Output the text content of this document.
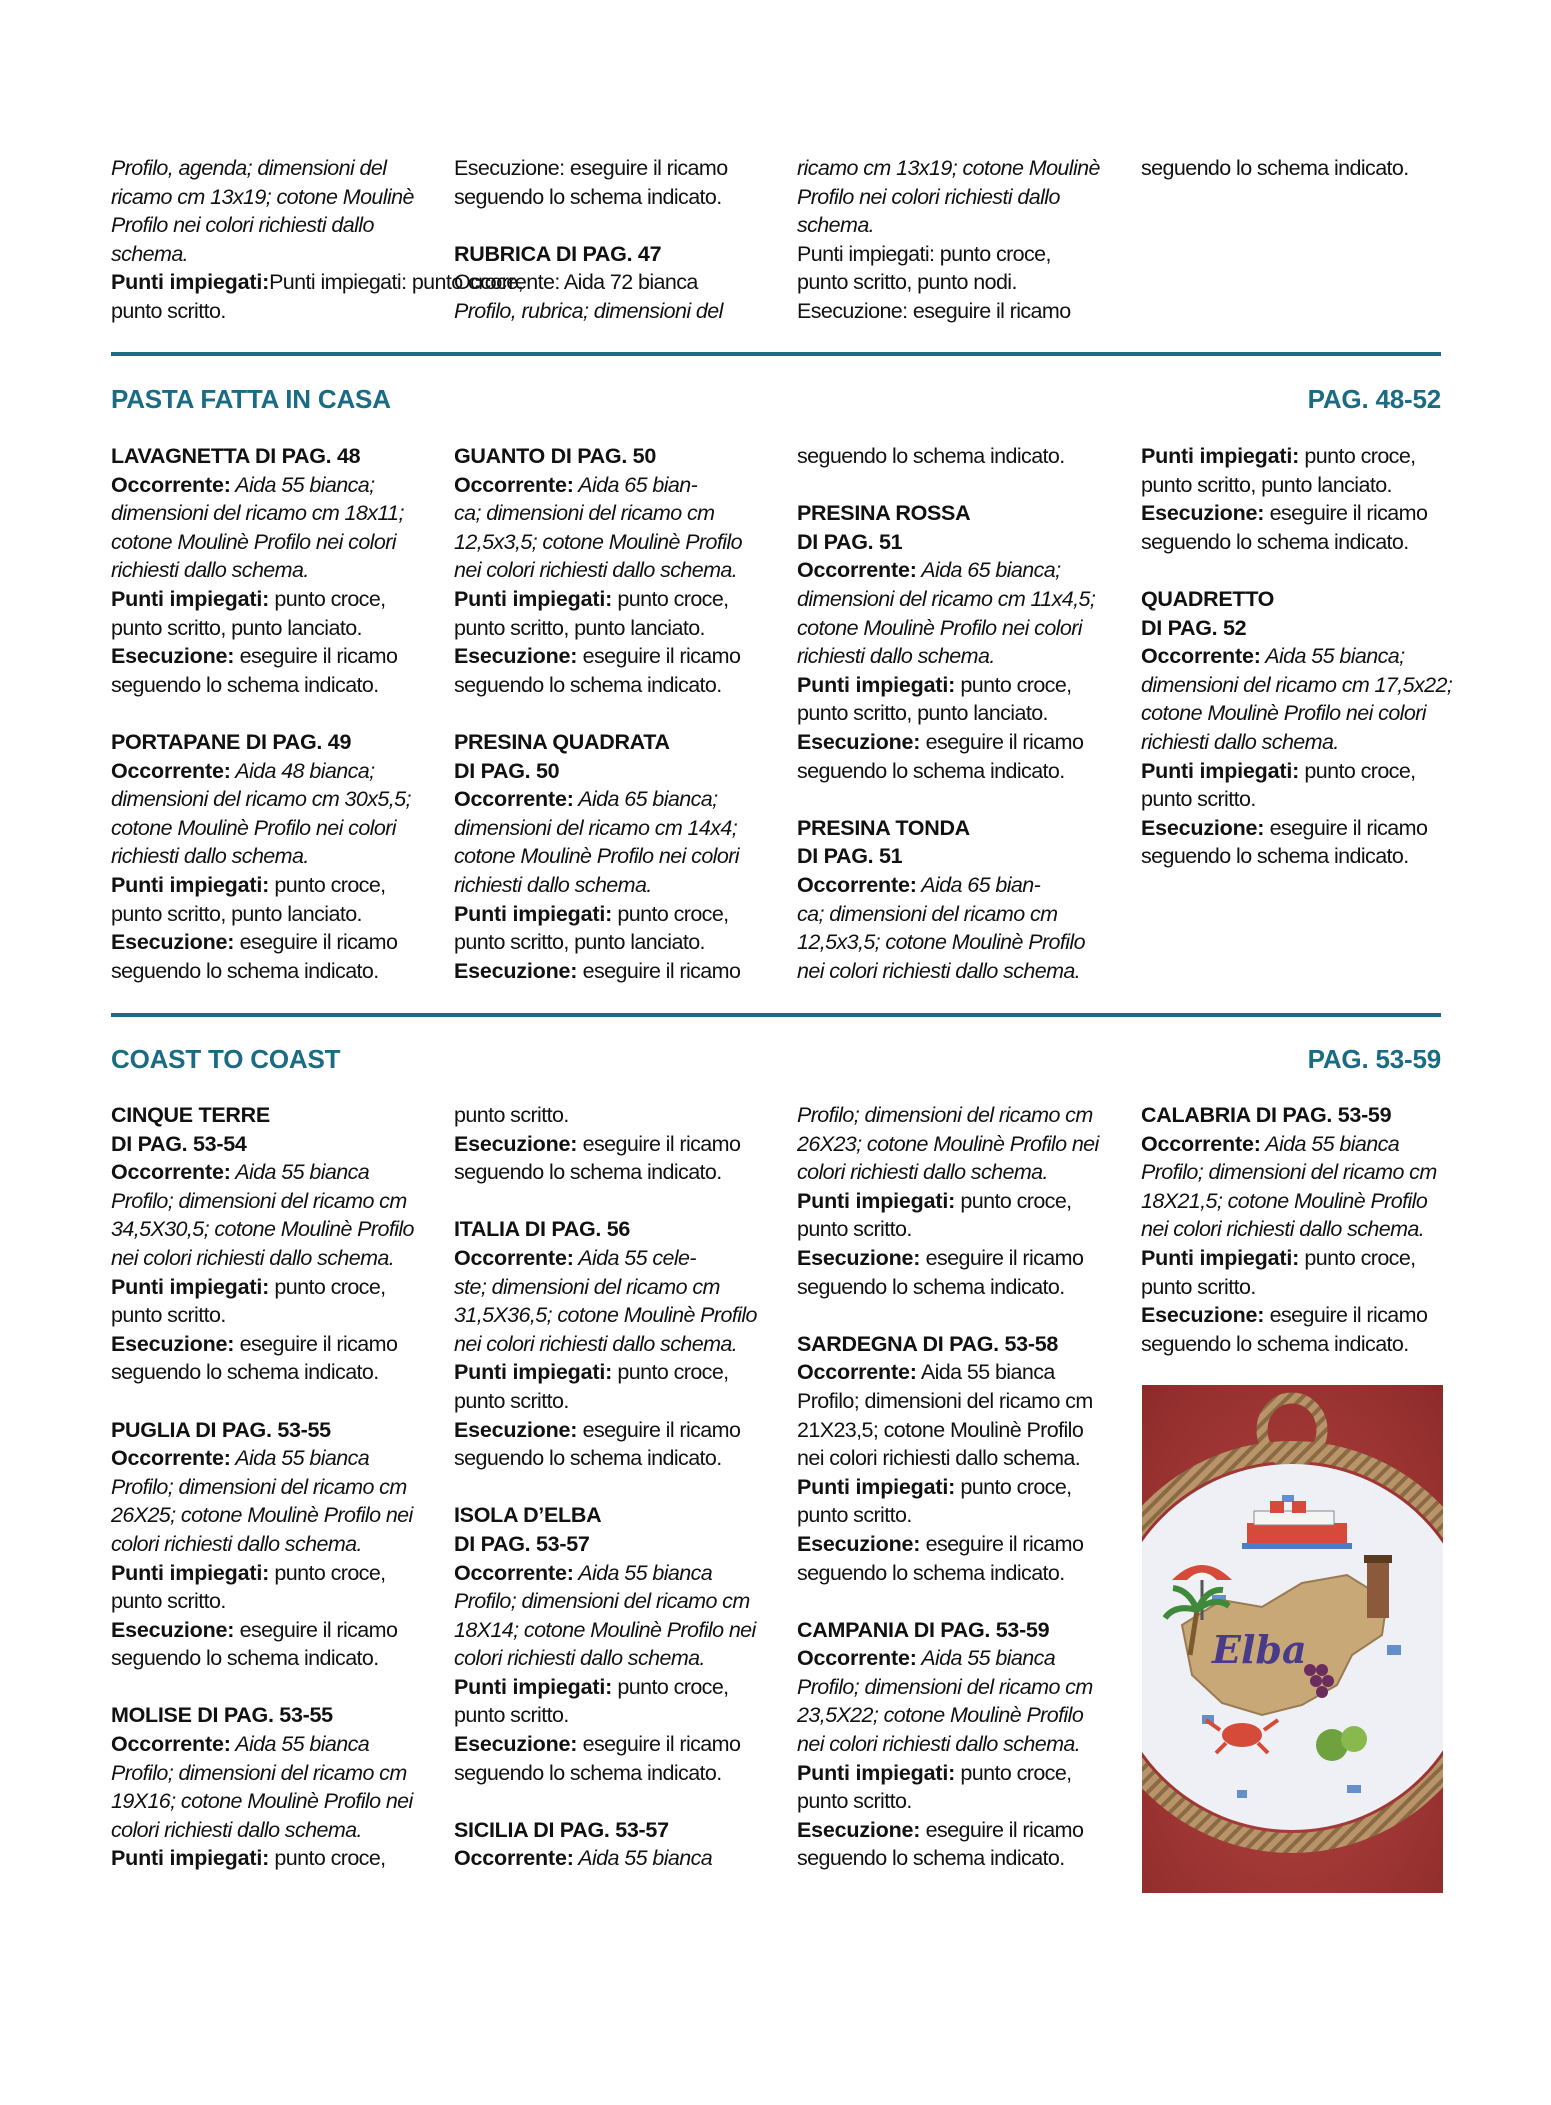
Profilo, agenda; dimensioni del
ricamo cm 13x19; cotone Moulinè
Profilo nei colori richiesti dallo
schema.
Punti impiegati:Punti impiegati: punto croce,
punto scritto.
Esecuzione: eseguire il ricamo
seguendo lo schema indicato.
RUBRICA DI PAG. 47
Occorrente: Aida 72 bianca
Profilo, rubrica; dimensioni del
ricamo cm 13x19; cotone Moulinè
Profilo nei colori richiesti dallo
schema.
Punti impiegati: punto croce,
punto scritto, punto nodi.
Esecuzione: eseguire il ricamo
seguendo lo schema indicato.
PASTA FATTA IN CASA	PAG. 48-52
LAVAGNETTA DI PAG. 48
Occorrente: Aida 55 bianca;
dimensioni del ricamo cm 18x11;
cotone Moulinè Profilo nei colori
richiesti dallo schema.
Punti impiegati: punto croce,
punto scritto, punto lanciato.
Esecuzione: eseguire il ricamo
seguendo lo schema indicato.
PORTAPANE DI PAG. 49
Occorrente: Aida 48 bianca;
dimensioni del ricamo cm 30x5,5;
cotone Moulinè Profilo nei colori
richiesti dallo schema.
Punti impiegati: punto croce,
punto scritto, punto lanciato.
Esecuzione: eseguire il ricamo
seguendo lo schema indicato.
GUANTO DI PAG. 50
Occorrente: Aida 65 bian-
ca; dimensioni del ricamo cm
12,5x3,5; cotone Moulinè Profilo
nei colori richiesti dallo schema.
Punti impiegati: punto croce,
punto scritto, punto lanciato.
Esecuzione: eseguire il ricamo
seguendo lo schema indicato.
PRESINA QUADRATA
DI PAG. 50
Occorrente: Aida 65 bianca;
dimensioni del ricamo cm 14x4;
cotone Moulinè Profilo nei colori
richiesti dallo schema.
Punti impiegati: punto croce,
punto scritto, punto lanciato.
Esecuzione: eseguire il ricamo
seguendo lo schema indicato.
PRESINA ROSSA
DI PAG. 51
Occorrente: Aida 65 bianca;
dimensioni del ricamo cm 11x4,5;
cotone Moulinè Profilo nei colori
richiesti dallo schema.
Punti impiegati: punto croce,
punto scritto, punto lanciato.
Esecuzione: eseguire il ricamo
seguendo lo schema indicato.
PRESINA TONDA
DI PAG. 51
Occorrente: Aida 65 bian-
ca; dimensioni del ricamo cm
12,5x3,5; cotone Moulinè Profilo
nei colori richiesti dallo schema.
Punti impiegati: punto croce,
punto scritto, punto lanciato.
Esecuzione: eseguire il ricamo
seguendo lo schema indicato.
QUADRETTO
DI PAG. 52
Occorrente: Aida 55 bianca;
dimensioni del ricamo cm 17,5x22;
cotone Moulinè Profilo nei colori
richiesti dallo schema.
Punti impiegati: punto croce,
punto scritto.
Esecuzione: eseguire il ricamo
seguendo lo schema indicato.
COAST TO COAST	PAG. 53-59
CINQUE TERRE
DI PAG. 53-54
Occorrente: Aida 55 bianca
Profilo; dimensioni del ricamo cm
34,5X30,5; cotone Moulinè Profilo
nei colori richiesti dallo schema.
Punti impiegati: punto croce,
punto scritto.
Esecuzione: eseguire il ricamo
seguendo lo schema indicato.
PUGLIA DI PAG. 53-55
Occorrente: Aida 55 bianca
Profilo; dimensioni del ricamo cm
26X25; cotone Moulinè Profilo nei
colori richiesti dallo schema.
Punti impiegati: punto croce,
punto scritto.
Esecuzione: eseguire il ricamo
seguendo lo schema indicato.
MOLISE DI PAG. 53-55
Occorrente: Aida 55 bianca
Profilo; dimensioni del ricamo cm
19X16; cotone Moulinè Profilo nei
colori richiesti dallo schema.
Punti impiegati: punto croce,
punto scritto.
Esecuzione: eseguire il ricamo
seguendo lo schema indicato.
ITALIA DI PAG. 56
Occorrente: Aida 55 cele-
ste; dimensioni del ricamo cm
31,5X36,5; cotone Moulinè Profilo
nei colori richiesti dallo schema.
Punti impiegati: punto croce,
punto scritto.
Esecuzione: eseguire il ricamo
seguendo lo schema indicato.
ISOLA D’ELBA
DI PAG. 53-57
Occorrente: Aida 55 bianca
Profilo; dimensioni del ricamo cm
18X14; cotone Moulinè Profilo nei
colori richiesti dallo schema.
Punti impiegati: punto croce,
punto scritto.
Esecuzione: eseguire il ricamo
seguendo lo schema indicato.
SICILIA DI PAG. 53-57
Occorrente: Aida 55 bianca
Profilo; dimensioni del ricamo cm
26X23; cotone Moulinè Profilo nei
colori richiesti dallo schema.
Punti impiegati: punto croce,
punto scritto.
Esecuzione: eseguire il ricamo
seguendo lo schema indicato.
SARDEGNA DI PAG. 53-58
Occorrente: Aida 55 bianca
Profilo; dimensioni del ricamo cm
21X23,5; cotone Moulinè Profilo
nei colori richiesti dallo schema.
Punti impiegati: punto croce,
punto scritto.
Esecuzione: eseguire il ricamo
seguendo lo schema indicato.
CAMPANIA DI PAG. 53-59
Occorrente: Aida 55 bianca
Profilo; dimensioni del ricamo cm
23,5X22; cotone Moulinè Profilo
nei colori richiesti dallo schema.
Punti impiegati: punto croce,
punto scritto.
Esecuzione: eseguire il ricamo
seguendo lo schema indicato.
CALABRIA DI PAG. 53-59
Occorrente: Aida 55 bianca
Profilo; dimensioni del ricamo cm
18X21,5; cotone Moulinè Profilo
nei colori richiesti dallo schema.
Punti impiegati: punto croce,
punto scritto.
Esecuzione: eseguire il ricamo
seguendo lo schema indicato.
Elba
